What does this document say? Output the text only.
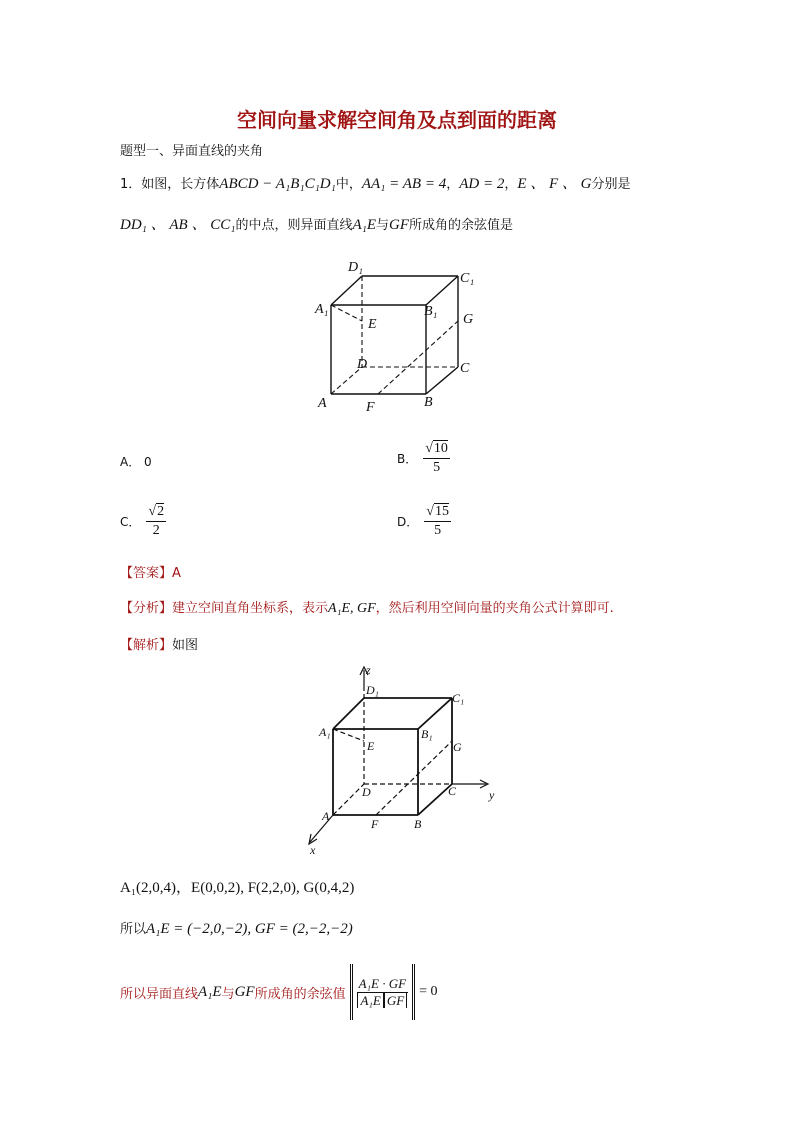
空间向量求解空间角及点到面的距离
题型一、异面直线的夹角
1．如图，长方体ABCD − A₁B₁C₁D₁中，AA₁ = AB = 4，AD = 2，E 、 F 、 G分别是
DD₁ 、 AB 、 CC₁的中点，则异面直线A₁E与GF所成角的余弦值是
D₁
C₁
A₁	B₁
E	G
D	C
A	F	B
A． 0	B． $\frac{√10}{5}$
C． $\frac{√2}{2}$	D． $\frac{√15}{5}$
【答案】A
【分析】建立空间直角坐标系，表示A₁E, GF，然后利用空间向量的夹角公式计算即可.
【解析】如图
z
D₁
C₁
A₁	B₁
E	G
D	C	y
A
F	B
x
A₁(2,0,4)，E(0,0,2), F(2,2,0), G(0,4,2)
所以A₁E = (−2,0,−2), GF = (2,−2,−2)
所以异面直线 A₁E 与 GF 所成角的余弦值 $\frac{\text{A₁E · GF}}{\text{A₁E GF}} = 0$
